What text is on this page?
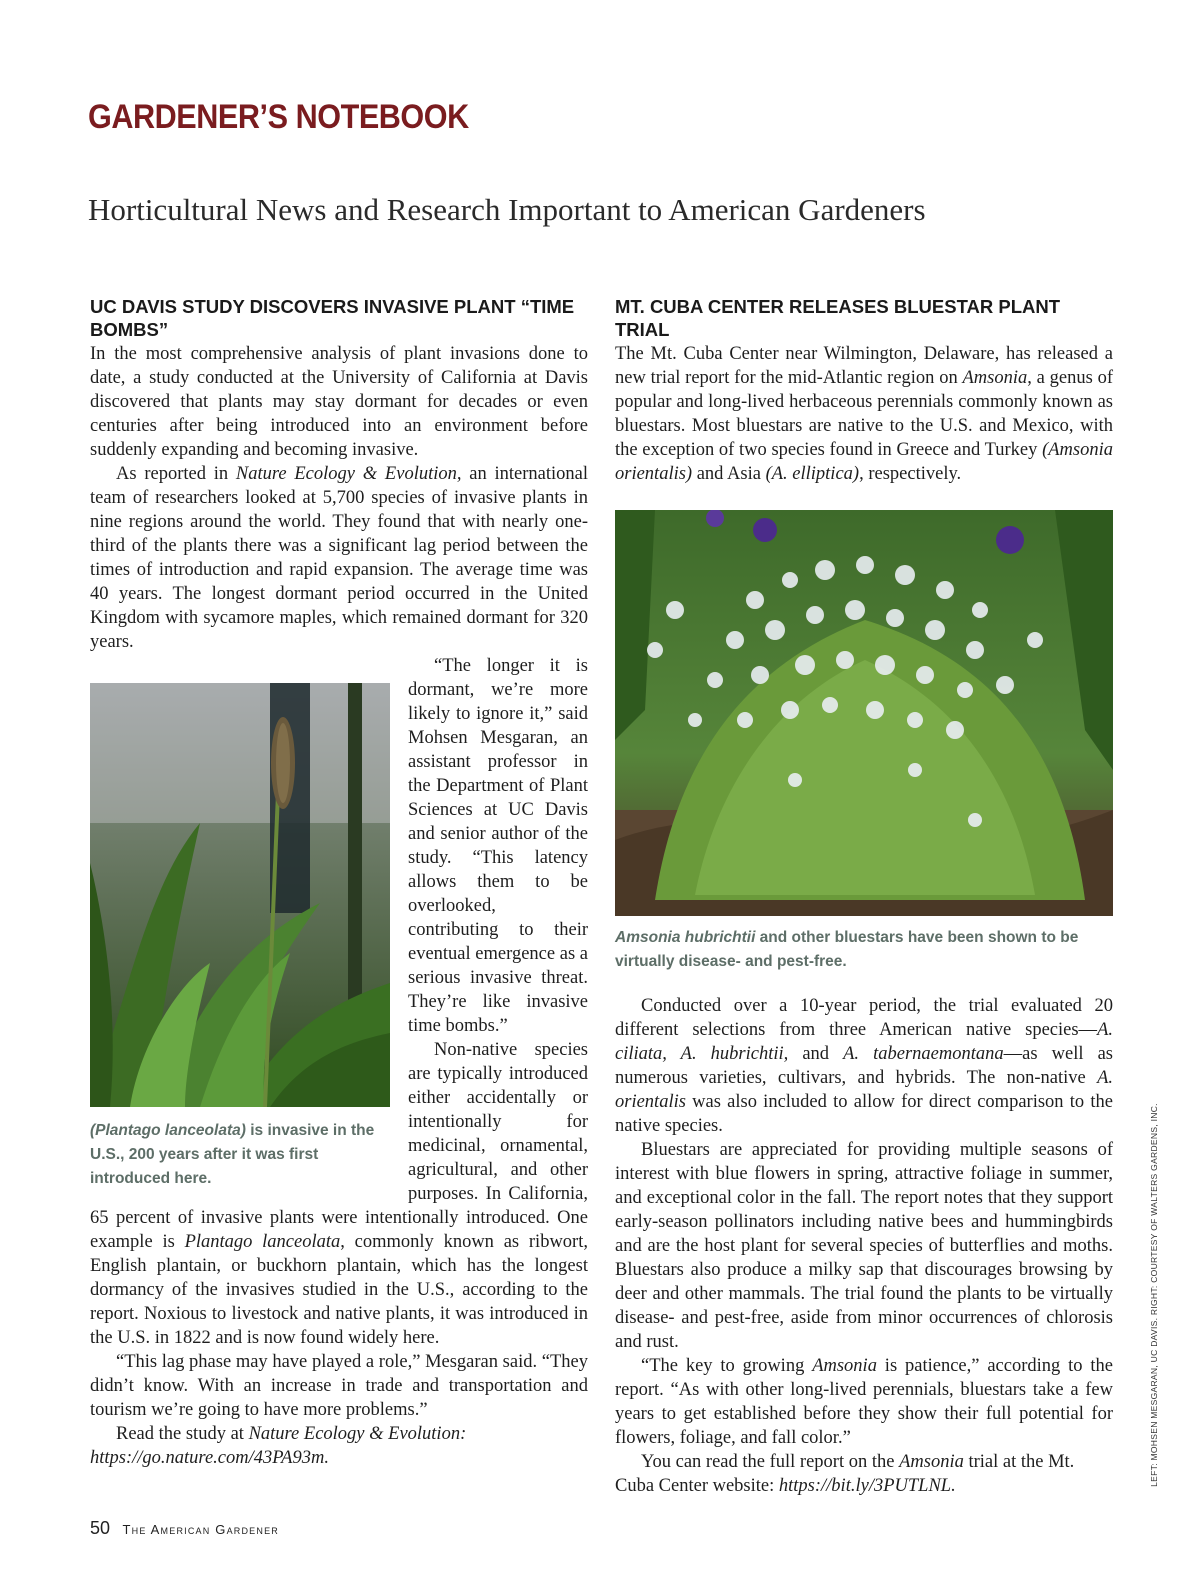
GARDENER’S NOTEBOOK
Horticultural News and Research Important to American Gardeners
UC DAVIS STUDY DISCOVERS INVASIVE PLANT “TIME BOMBS”

In the most comprehensive analysis of plant invasions done to date, a study conducted at the University of California at Davis discovered that plants may stay dormant for decades or even centuries after being introduced into an environment before suddenly expanding and becoming invasive.

As reported in Nature Ecology & Evolution, an international team of researchers looked at 5,700 species of invasive plants in nine regions around the world. They found that with nearly one-third of the plants there was a significant lag period between the times of introduction and rapid expansion. The average time was 40 years. The longest dormant period occurred in the United Kingdom with sycamore maples, which remained dormant for 320 years.

(Plantago lanceolata) is invasive in the U.S., 200 years after it was first introduced here.

“The longer it is dormant, we’re more likely to ignore it,” said Mohsen Mesgaran, an assistant professor in the Department of Plant Sciences at UC Davis and senior author of the study. “This latency allows them to be overlooked, contributing to their eventual emergence as a serious invasive threat. They’re like invasive time bombs.”

Non-native species are typically introduced either accidentally or intentionally for medicinal, ornamental, agricultural, and other purposes. In California, 65 percent of invasive plants were intentionally introduced. One example is Plantago lanceolata, commonly known as ribwort, English plantain, or buckhorn plantain, which has the longest dormancy of the invasives studied in the U.S., according to the report. Noxious to livestock and native plants, it was introduced in the U.S. in 1822 and is now found widely here.

“This lag phase may have played a role,” Mesgaran said. “They didn’t know. With an increase in trade and transportation and tourism we’re going to have more problems.”

Read the study at Nature Ecology & Evolution: https://go.nature.com/43PA93m.

MT. CUBA CENTER RELEASES BLUESTAR PLANT TRIAL

The Mt. Cuba Center near Wilmington, Delaware, has released a new trial report for the mid-Atlantic region on Amsonia, a genus of popular and long-lived herbaceous perennials commonly known as bluestars. Most bluestars are native to the U.S. and Mexico, with the exception of two species found in Greece and Turkey (Amsonia orientalis) and Asia (A. elliptica), respectively.

Amsonia hubrichtii and other bluestars have been shown to be virtually disease- and pest-free.

Conducted over a 10-year period, the trial evaluated 20 different selections from three American native species—A. ciliata, A. hubrichtii, and A. tabernaemontana—as well as numerous varieties, cultivars, and hybrids. The non-native A. orientalis was also included to allow for direct comparison to the native species.

Bluestars are appreciated for providing multiple seasons of interest with blue flowers in spring, attractive foliage in summer, and exceptional color in the fall. The report notes that they support early-season pollinators including native bees and hummingbirds and are the host plant for several species of butterflies and moths. Bluestars also produce a milky sap that discourages browsing by deer and other mammals. The trial found the plants to be virtually disease- and pest-free, aside from minor occurrences of chlorosis and rust.

“The key to growing Amsonia is patience,” according to the report. “As with other long-lived perennials, bluestars take a few years to get established before they show their full potential for flowers, foliage, and fall color.”

You can read the full report on the Amsonia trial at the Mt. Cuba Center website: https://bit.ly/3PUTLNL.	LEFT: MOHSEN MESGARAN, UC DAVIS. RIGHT: COURTESY OF WALTERS GARDENS, INC.
50 The American Gardener
